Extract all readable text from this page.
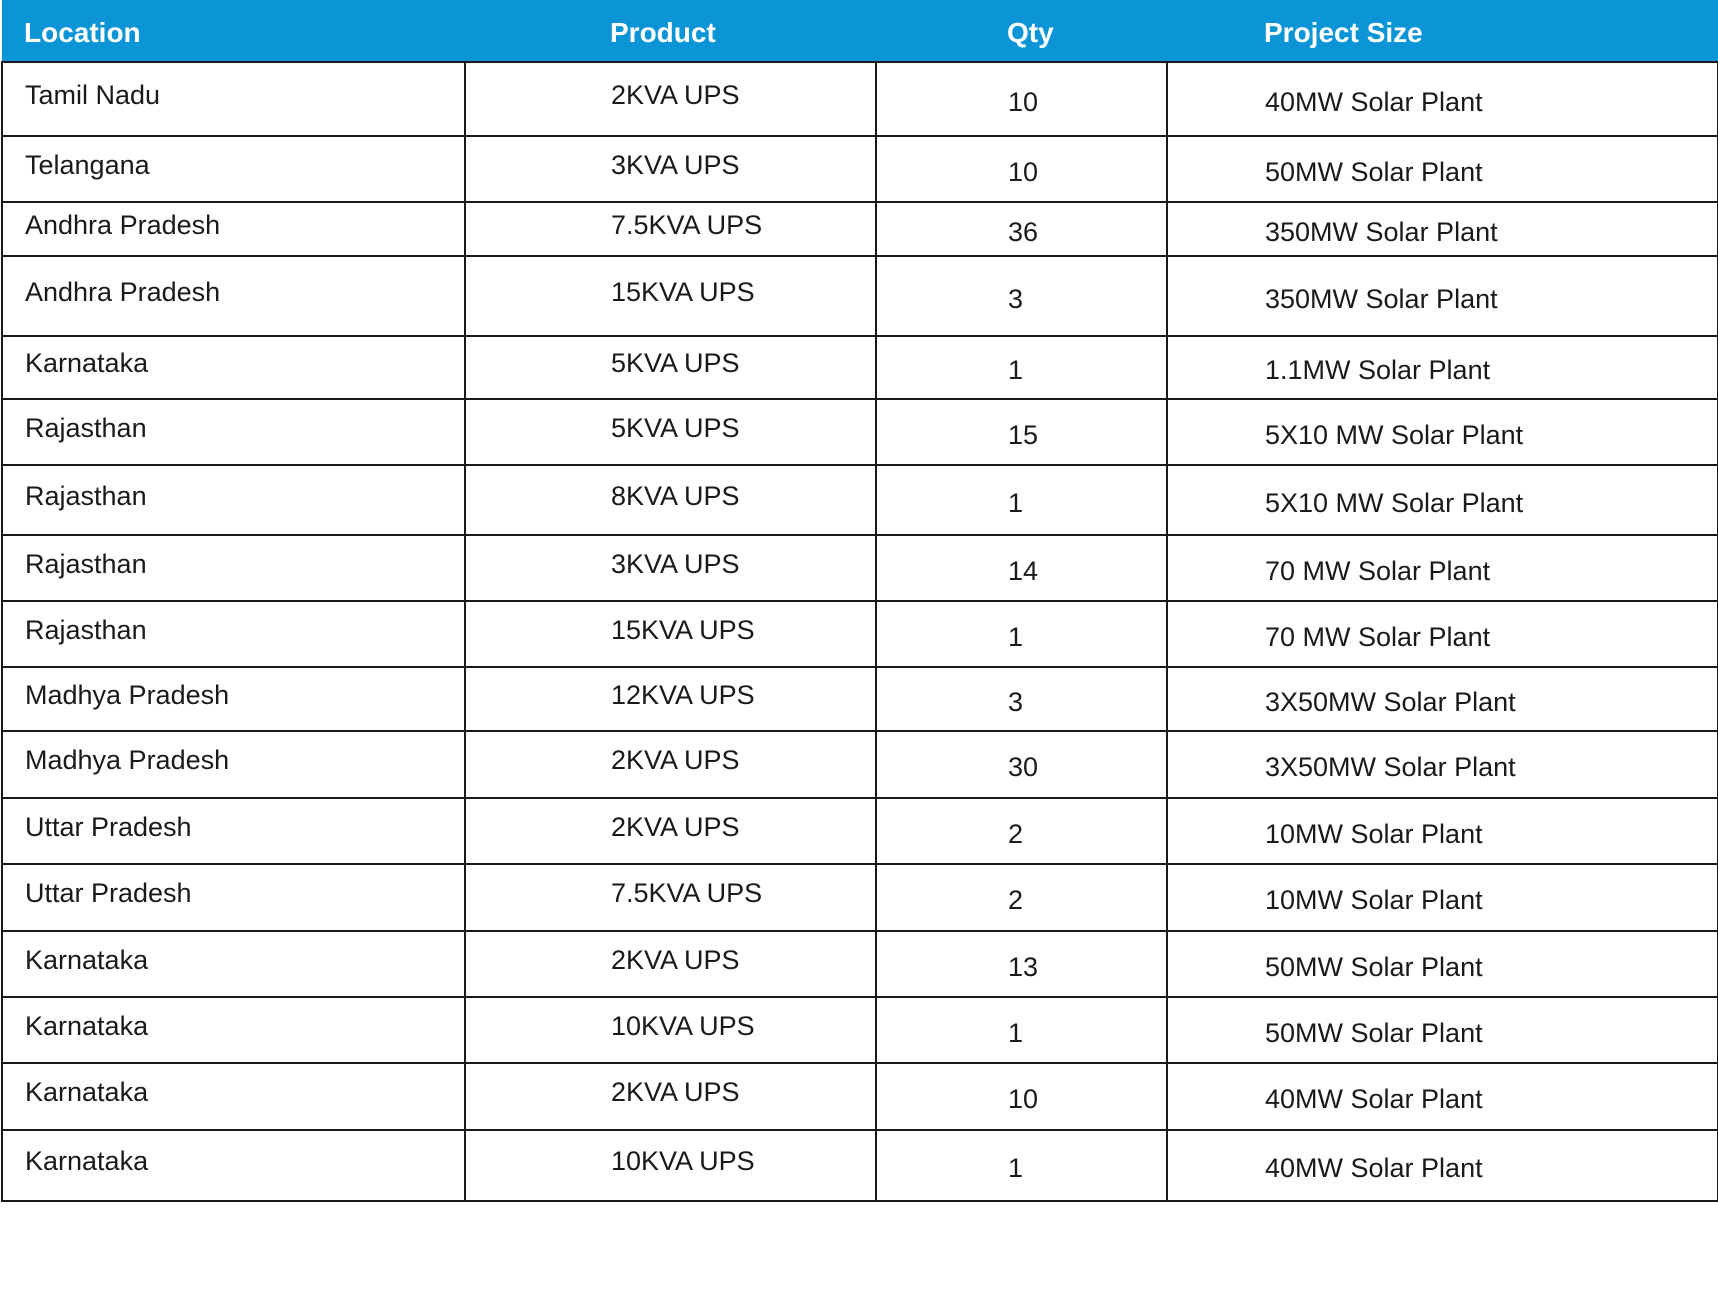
Location	Product	Qty	Project Size
Tamil Nadu	2KVA UPS	10	40MW Solar Plant
Telangana	3KVA UPS	10	50MW Solar Plant
Andhra Pradesh	7.5KVA UPS	36	350MW Solar Plant
Andhra Pradesh	15KVA UPS	3	350MW Solar Plant
Karnataka	5KVA UPS	1	1.1MW Solar Plant
Rajasthan	5KVA UPS	15	5X10 MW Solar Plant
Rajasthan	8KVA UPS	1	5X10 MW Solar Plant
Rajasthan	3KVA UPS	14	70 MW Solar Plant
Rajasthan	15KVA UPS	1	70 MW Solar Plant
Madhya Pradesh	12KVA UPS	3	3X50MW Solar Plant
Madhya Pradesh	2KVA UPS	30	3X50MW Solar Plant
Uttar Pradesh	2KVA UPS	2	10MW Solar Plant
Uttar Pradesh	7.5KVA UPS	2	10MW Solar Plant
Karnataka	2KVA UPS	13	50MW Solar Plant
Karnataka	10KVA UPS	1	50MW Solar Plant
Karnataka	2KVA UPS	10	40MW Solar Plant
Karnataka	10KVA UPS	1	40MW Solar Plant
